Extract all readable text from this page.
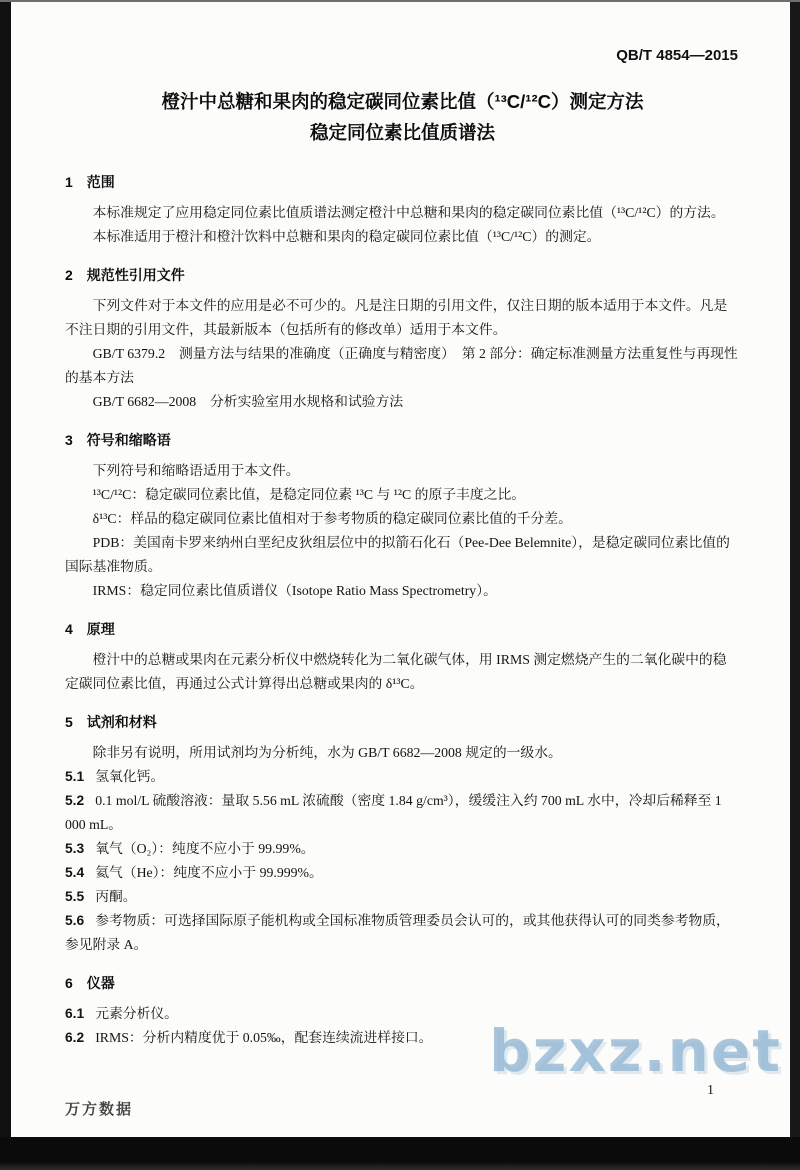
QB/T 4854—2015
橙汁中总糖和果肉的稳定碳同位素比值（¹³C/¹²C）测定方法
稳定同位素比值质谱法
1 范围

本标准规定了应用稳定同位素比值质谱法测定橙汁中总糖和果肉的稳定碳同位素比值（¹³C/¹²C）的方法。

本标准适用于橙汁和橙汁饮料中总糖和果肉的稳定碳同位素比值（¹³C/¹²C）的测定。

2 规范性引用文件

下列文件对于本文件的应用是必不可少的。凡是注日期的引用文件，仅注日期的版本适用于本文件。凡是不注日期的引用文件，其最新版本（包括所有的修改单）适用于本文件。

GB/T 6379.2　测量方法与结果的准确度（正确度与精密度）　第 2 部分：确定标准测量方法重复性与再现性的基本方法

GB/T 6682—2008　分析实验室用水规格和试验方法

3 符号和缩略语

下列符号和缩略语适用于本文件。

¹³C/¹²C：稳定碳同位素比值，是稳定同位素 ¹³C 与 ¹²C 的原子丰度之比。

δ¹³C：样品的稳定碳同位素比值相对于参考物质的稳定碳同位素比值的千分差。

PDB：美国南卡罗来纳州白垩纪皮狄组层位中的拟箭石化石（Pee-Dee Belemnite），是稳定碳同位素比值的国际基准物质。

IRMS：稳定同位素比值质谱仪（Isotope Ratio Mass Spectrometry）。

4 原理

橙汁中的总糖或果肉在元素分析仪中燃烧转化为二氧化碳气体，用 IRMS 测定燃烧产生的二氧化碳中的稳定碳同位素比值，再通过公式计算得出总糖或果肉的 δ¹³C。

5 试剂和材料

除非另有说明，所用试剂均为分析纯，水为 GB/T 6682—2008 规定的一级水。

5.1 氢氧化钙。

5.2 0.1 mol/L 硫酸溶液：量取 5.56 mL 浓硫酸（密度 1.84 g/cm³），缓缓注入约 700 mL 水中，冷却后稀释至 1 000 mL。

5.3 氧气（O₂）：纯度不应小于 99.99%。

5.4 氦气（He）：纯度不应小于 99.999%。

5.5 丙酮。

5.6 参考物质：可选择国际原子能机构或全国标准物质管理委员会认可的，或其他获得认可的同类参考物质，参见附录 A。

6 仪器

6.1 元素分析仪。

6.2 IRMS：分析内精度优于 0.05‰，配套连续流进样接口。 bzxz.net
1
万方数据
